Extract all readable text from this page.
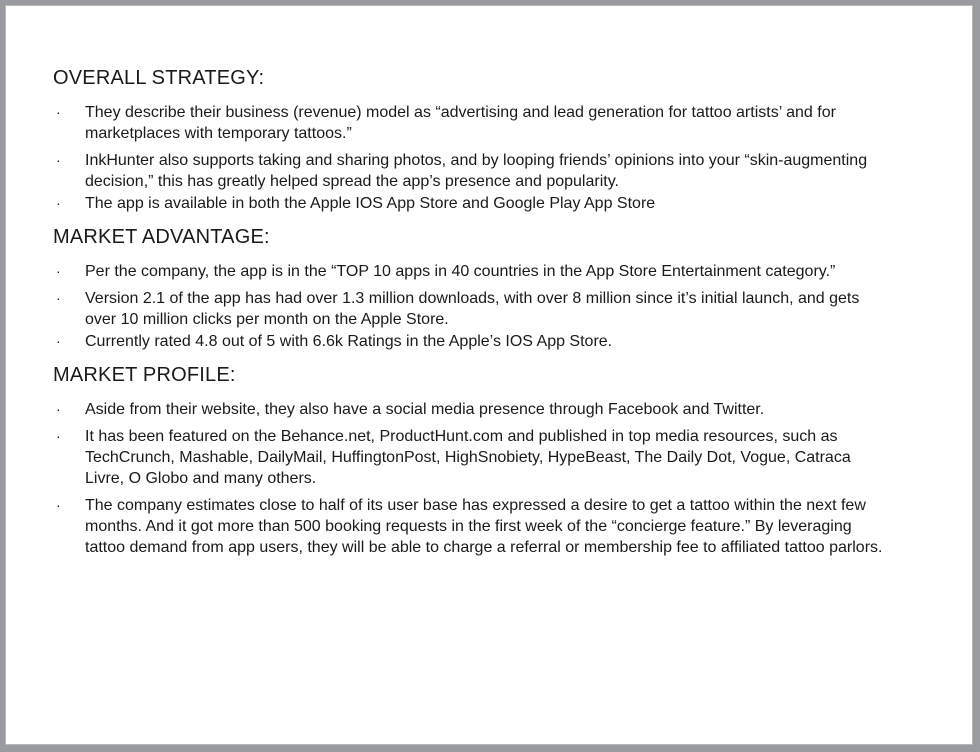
OVERALL STRATEGY:
· They describe their business (revenue) model as “advertising and lead generation for tattoo artists’ and for marketplaces with temporary tattoos.”
· InkHunter also supports taking and sharing photos, and by looping friends’ opinions into your “skin-augmenting decision,” this has greatly helped spread the app’s presence and popularity.
· The app is available in both the Apple IOS App Store and Google Play App Store
MARKET ADVANTAGE:
· Per the company, the app is in the “TOP 10 apps in 40 countries in the App Store Entertainment category.”
· Version 2.1 of the app has had over 1.3 million downloads, with over 8 million since it’s initial launch, and gets over 10 million clicks per month on the Apple Store.
· Currently rated 4.8 out of 5 with 6.6k Ratings in the Apple’s IOS App Store.
MARKET PROFILE:
· Aside from their website, they also have a social media presence through Facebook and Twitter.
· It has been featured on the Behance.net, ProductHunt.com and published in top media resources, such as TechCrunch, Mashable, DailyMail, HuffingtonPost, HighSnobiety, HypeBeast, The Daily Dot, Vogue, Catraca Livre, O Globo and many others.
· The company estimates close to half of its user base has expressed a desire to get a tattoo within the next few months. And it got more than 500 booking requests in the first week of the “concierge feature.” By leveraging tattoo demand from app users, they will be able to charge a referral or membership fee to affiliated tattoo parlors.
